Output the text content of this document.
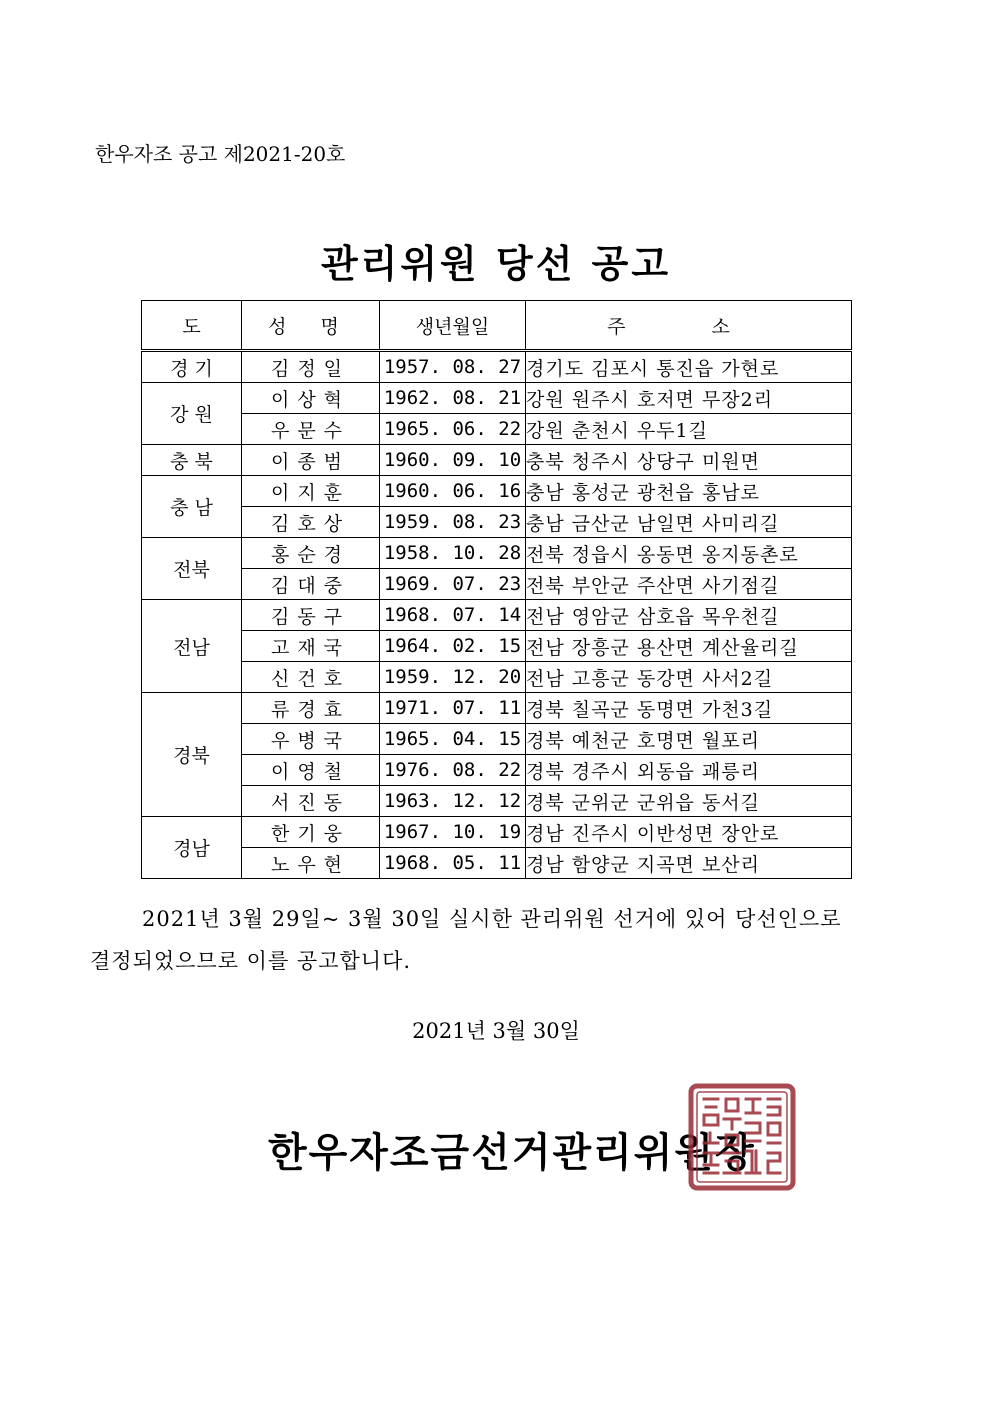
한우자조 공고 제2021-20호
관리위원 당선 공고
도	성 명	생년월일	주 소
경 기	김정일	1957. 08. 27	경기도 김포시 통진읍 가현로
강 원	이상혁	1962. 08. 21	강원 원주시 호저면 무장2리
	우문수	1965. 06. 22	강원 춘천시 우두1길
충 북	이종범	1960. 09. 10	충북 청주시 상당구 미원면
충 남	이지훈	1960. 06. 16	충남 홍성군 광천읍 홍남로
	김호상	1959. 08. 23	충남 금산군 남일면 사미리길
전북	홍순경	1958. 10. 28	전북 정읍시 옹동면 옹지동촌로
	김대중	1969. 07. 23	전북 부안군 주산면 사기점길
전남	김동구	1968. 07. 14	전남 영암군 삼호읍 목우천길
	고재국	1964. 02. 15	전남 장흥군 용산면 계산율리길
	신건호	1959. 12. 20	전남 고흥군 동강면 사서2길
경북	류경효	1971. 07. 11	경북 칠곡군 동명면 가천3길
	우병국	1965. 04. 15	경북 예천군 호명면 월포리
	이영철	1976. 08. 22	경북 경주시 외동읍 괘릉리
	서진동	1963. 12. 12	경북 군위군 군위읍 동서길
경남	한기웅	1967. 10. 19	경남 진주시 이반성면 장안로
	노우현	1968. 05. 11	경남 함양군 지곡면 보산리
2021년 3월 29일~ 3월 30일 실시한 관리위원 선거에 있어 당선인으로
결정되었으므로 이를 공고합니다.
2021년 3월 30일
한우자조금선거관리위원장
